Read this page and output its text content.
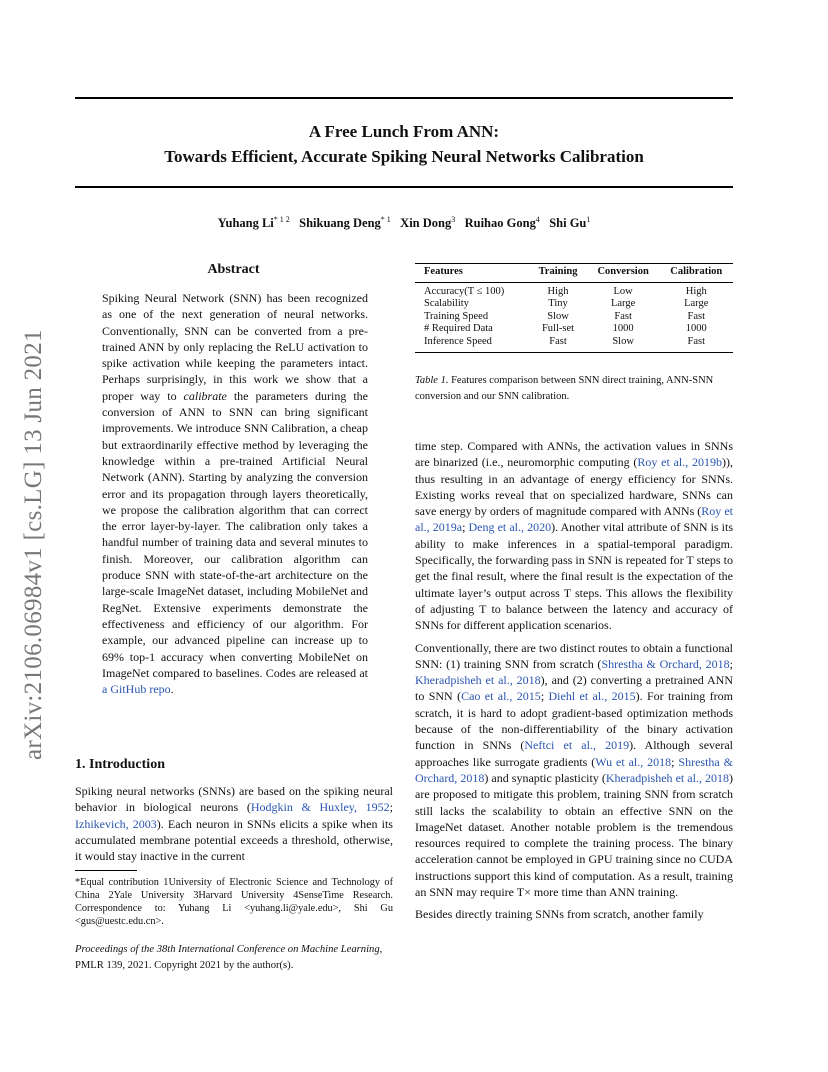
A Free Lunch From ANN:
Towards Efficient, Accurate Spiking Neural Networks Calibration
Yuhang $Li^{* 1 2}$ Shikuang Deng$^{* 1}$ Xin Dong$^3$ Ruihao Gong$^4$ Shi Gu$^1$
arXiv:2106.06984v1 [cs.LG] 13 Jun 2021
Abstract

Spiking Neural Network (SNN) has been recognized as one of the next generation of neural networks. Conventionally, SNN can be converted from a pre-trained ANN by only replacing the ReLU activation to spike activation while keeping the parameters intact. Perhaps surprisingly, in this work we show that a proper way to calibrate the parameters during the conversion of ANN to SNN can bring significant improvements. We introduce SNN Calibration, a cheap but extraordinarily effective method by leveraging the knowledge within a pre-trained Artificial Neural Network (ANN). Starting by analyzing the conversion error and its propagation through layers theoretically, we propose the calibration algorithm that can correct the error layer-by-layer. The calibration only takes a handful number of training data and several minutes to finish. Moreover, our calibration algorithm can produce SNN with state-of-the-art architecture on the large-scale ImageNet dataset, including MobileNet and RegNet. Extensive experiments demonstrate the effectiveness and efficiency of our algorithm. For example, our advanced pipeline can increase up to 69% top-1 accuracy when converting MobileNet on ImageNet compared to baselines. Codes are released at a GitHub repo.

1. Introduction

Spiking neural networks (SNNs) are based on the spiking neural behavior in biological neurons (Hodgkin & Huxley, 1952; Izhikevich, 2003). Each neuron in SNNs elicits a spike when its accumulated membrane potential exceeds a threshold, otherwise, it would stay inactive in the current

*Equal contribution 1University of Electronic Science and Technology of China 2Yale University 3Harvard University 4SenseTime Research. Correspondence to: Yuhang Li <yuhang.li@yale.edu>, Shi Gu <gus@uestc.edu.cn>.
Proceedings of the 38th International Conference on Machine Learning, PMLR 139, 2021. Copyright 2021 by the author(s).
Features	Training	Conversion	Calibration
Accuracy(T ≤ 100)	High	Low	High
Scalability	Tiny	Large	Large
Training Speed	Slow	Fast	Fast
# Required Data	Full-set	1000	1000
Inference Speed	Fast	Slow	Fast
Table 1. Features comparison between SNN direct training, ANN-SNN conversion and our SNN calibration.

time step. Compared with ANNs, the activation values in SNNs are binarized (i.e., neuromorphic computing (Roy et al., 2019b)), thus resulting in an advantage of energy efficiency for SNNs. Existing works reveal that on specialized hardware, SNNs can save energy by orders of magnitude compared with ANNs (Roy et al., 2019a; Deng et al., 2020). Another vital attribute of SNN is its ability to make inferences in a spatial-temporal paradigm. Specifically, the forwarding pass in SNN is repeated for T steps to get the final result, where the final result is the expectation of the ultimate layer’s output across T steps. This allows the flexibility of adjusting T to balance between the latency and accuracy of SNNs for different application scenarios.

Conventionally, there are two distinct routes to obtain a functional SNN: (1) training SNN from scratch (Shrestha & Orchard, 2018; Kheradpisheh et al., 2018), and (2) converting a pretrained ANN to SNN (Cao et al., 2015; Diehl et al., 2015). For training from scratch, it is hard to adopt gradient-based optimization methods because of the non-differentiability of the binary activation function in SNNs (Neftci et al., 2019). Although several approaches like surrogate gradients (Wu et al., 2018; Shrestha & Orchard, 2018) and synaptic plasticity (Kheradpisheh et al., 2018) are proposed to mitigate this problem, training SNN from scratch still lacks the scalability to obtain an effective SNN on the ImageNet dataset. Another notable problem is the tremendous resources required to complete the training process. The binary acceleration cannot be employed in GPU training since no CUDA instructions support this kind of computation. As a result, training an SNN may require T× more time than ANN training.

Besides directly training SNNs from scratch, another family
